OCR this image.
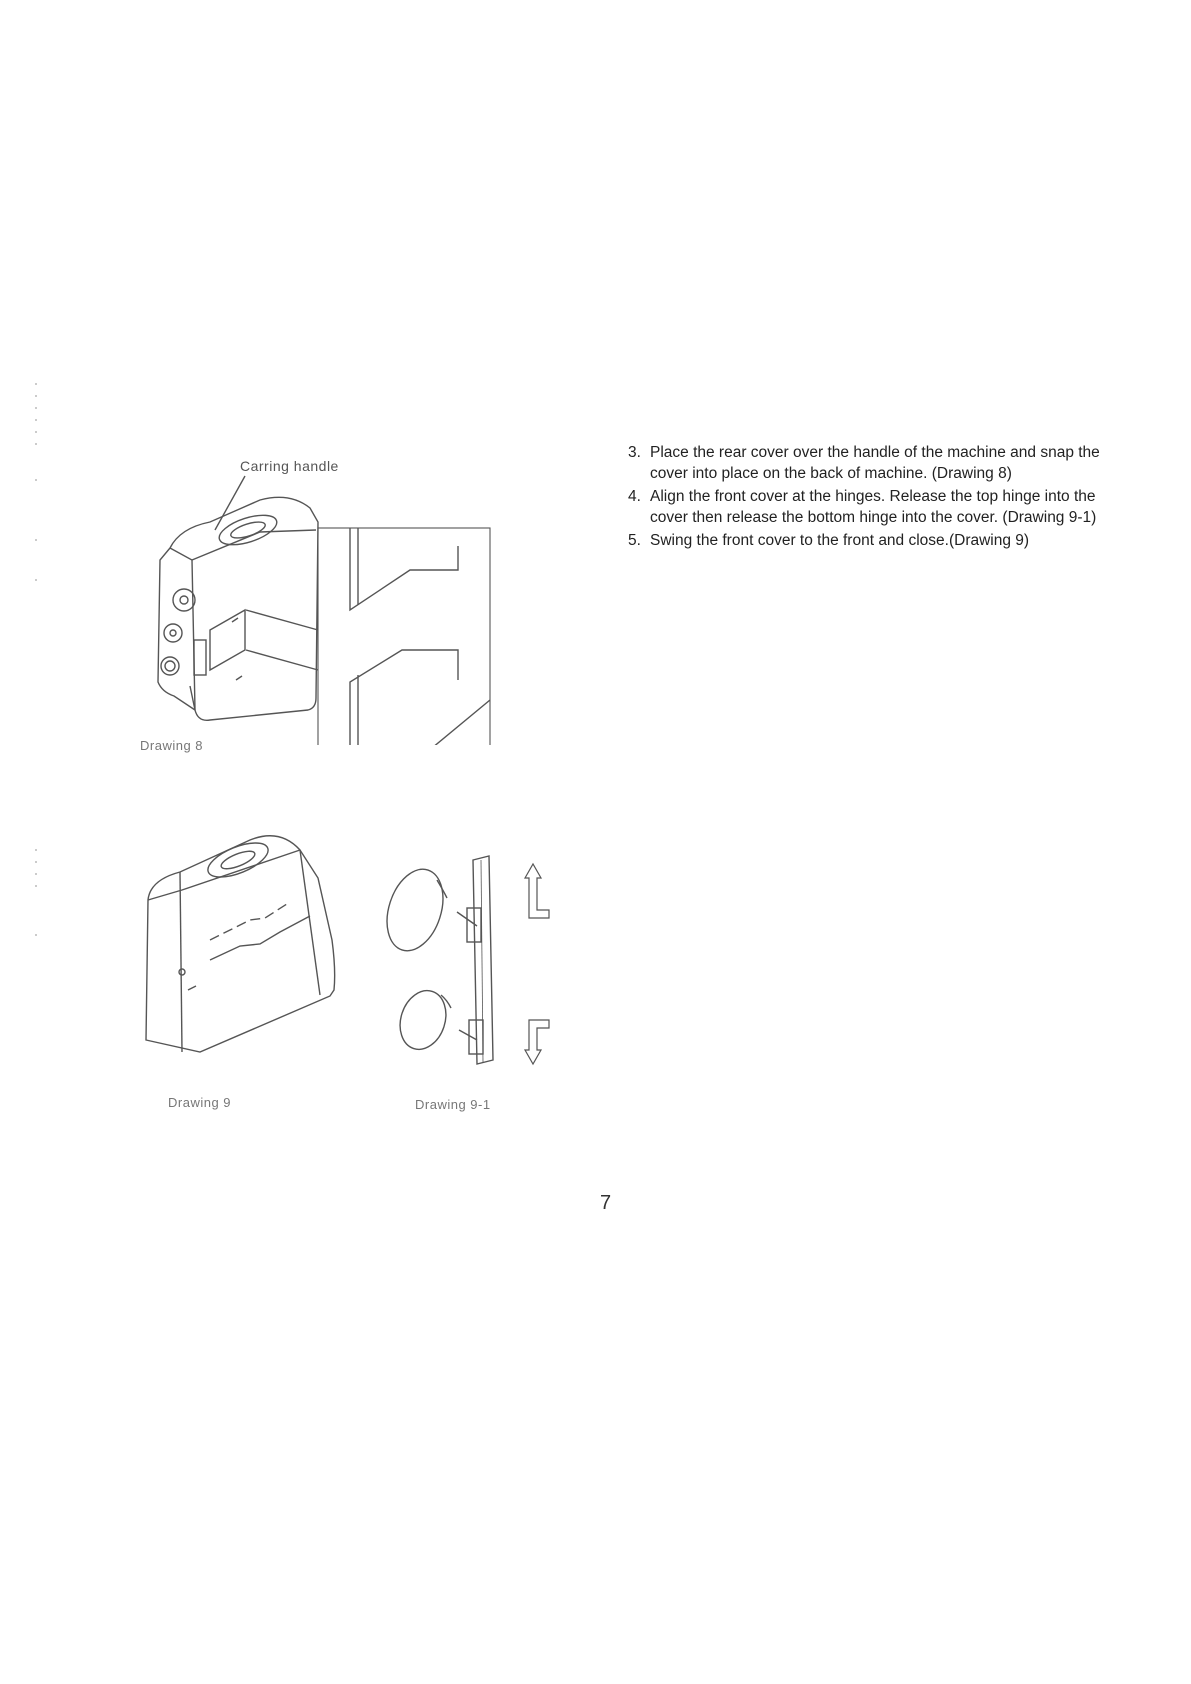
Carring handle
Drawing 8
Drawing 9	Drawing 9-1
3. Place the rear cover over the handle of the machine and snap the cover into place on the back of machine. (Drawing 8)
4. Align the front cover at the hinges. Release the top hinge into the cover then release the bottom hinge into the cover. (Drawing 9-1)
5. Swing the front cover to the front and close.(Drawing 9)
7
